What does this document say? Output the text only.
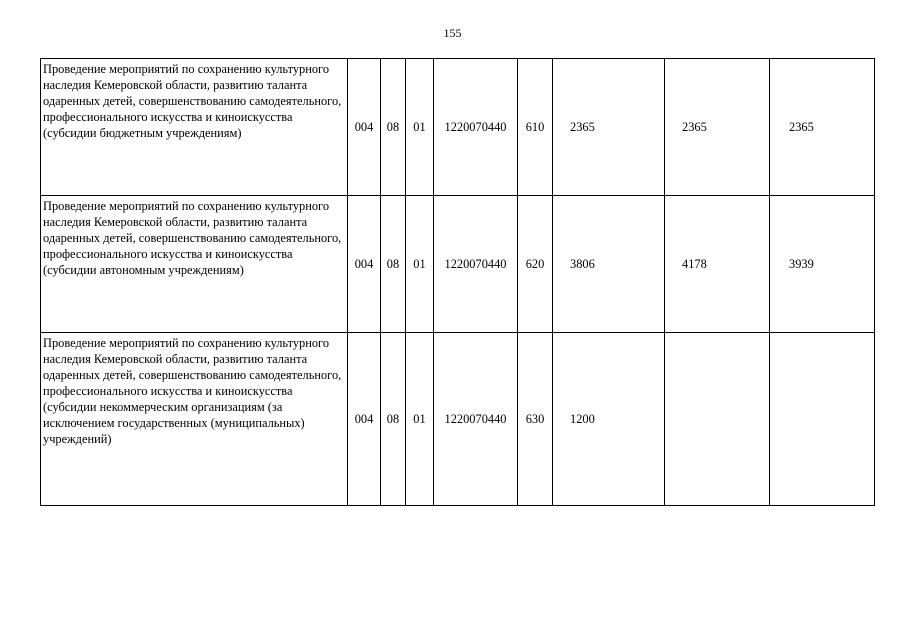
155
Проведение мероприятий по сохранению культурного наследия Кемеровской области, развитию таланта одаренных детей, совершенствованию самодеятельного, профессионального искусства и киноискусства (субсидии бюджетным учреждениям)	004	08	01	1220070440	610	2365	2365	2365
Проведение мероприятий по сохранению культурного наследия Кемеровской области, развитию таланта одаренных детей, совершенствованию самодеятельного, профессионального искусства и киноискусства (субсидии автономным учреждениям)	004	08	01	1220070440	620	3806	4178	3939
Проведение мероприятий по сохранению культурного наследия Кемеровской области, развитию таланта одаренных детей, совершенствованию самодеятельного, профессионального искусства и киноискусства (субсидии некоммерческим организациям (за исключением государственных (муниципальных) учреждений)	004	08	01	1220070440	630	1200		
